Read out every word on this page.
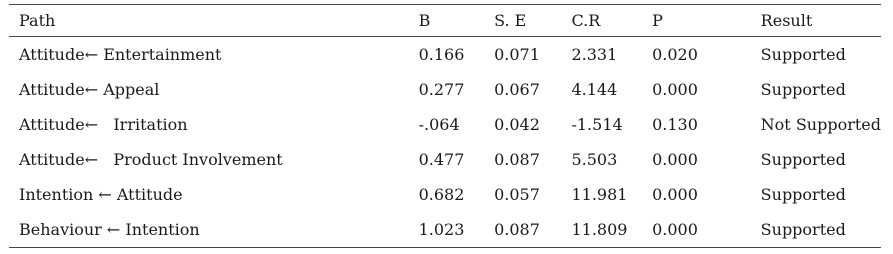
Path	B	S. E	C.R	P	Result
Attitude← Entertainment	0.166	0.071	2.331	0.020	Supported
Attitude← Appeal	0.277	0.067	4.144	0.000	Supported
Attitude←   Irritation	-.064	0.042	-1.514	0.130	Not Supported
Attitude←   Product Involvement	0.477	0.087	5.503	0.000	Supported
Intention ← Attitude	0.682	0.057	11.981	0.000	Supported
Behaviour ← Intention	1.023	0.087	11.809	0.000	Supported
